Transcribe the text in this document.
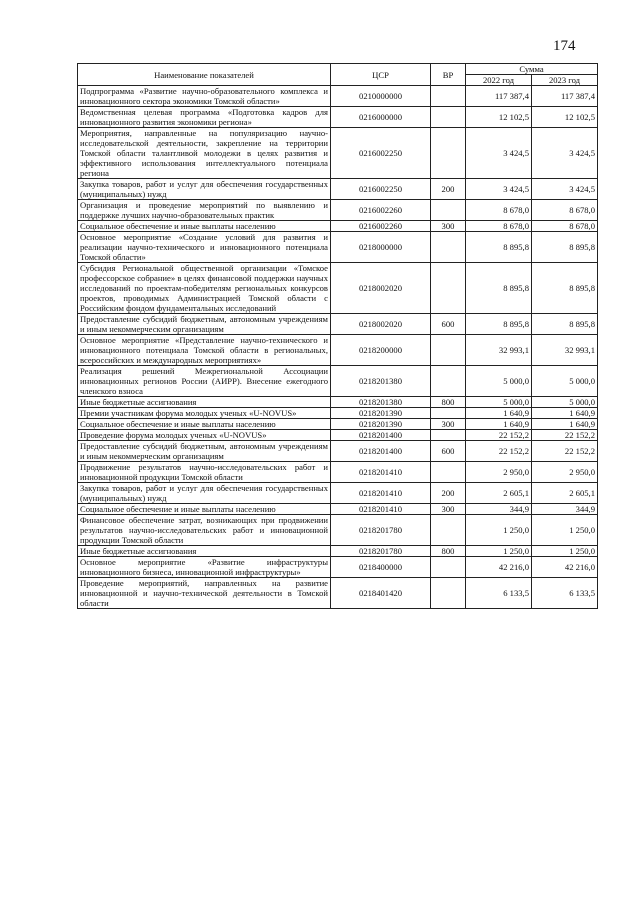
174
Наименование показателей	ЦСР	ВР	Сумма	
			2022 год	2023 год
Подпрограмма «Развитие научно-образовательного комплекса и инновационного сектора экономики Томской области»	0210000000		117 387,4	117 387,4
Ведомственная целевая программа «Подготовка кадров для инновационного развития экономики региона»	0216000000		12 102,5	12 102,5
Мероприятия, направленные на популяризацию научно-исследовательской деятельности, закрепление на территории Томской области талантливой молодежи в целях развития и эффективного использования интеллектуального потенциала региона	0216002250		3 424,5	3 424,5
Закупка товаров, работ и услуг для обеспечения государственных (муниципальных) нужд	0216002250	200	3 424,5	3 424,5
Организация и проведение мероприятий по выявлению и поддержке лучших научно-образовательных практик	0216002260		8 678,0	8 678,0
Социальное обеспечение и иные выплаты населению	0216002260	300	8 678,0	8 678,0
Основное мероприятие «Создание условий для развития и реализации научно-технического и инновационного потенциала Томской области»	0218000000		8 895,8	8 895,8
Субсидия Региональной общественной организации «Томское профессорское собрание» в целях финансовой поддержки научных исследований по проектам-победителям региональных конкурсов проектов, проводимых Администрацией Томской области с Российским фондом фундаментальных исследований	0218002020		8 895,8	8 895,8
Предоставление субсидий бюджетным, автономным учреждениям и иным некоммерческим организациям	0218002020	600	8 895,8	8 895,8
Основное мероприятие «Представление научно-технического и инновационного потенциала Томской области в региональных, всероссийских и международных мероприятиях»	0218200000		32 993,1	32 993,1
Реализация решений Межрегиональной Ассоциации инновационных регионов России (АИРР). Внесение ежегодного членского взноса	0218201380		5 000,0	5 000,0
Иные бюджетные ассигнования	0218201380	800	5 000,0	5 000,0
Премии участникам форума молодых ученых «U-NOVUS»	0218201390		1 640,9	1 640,9
Социальное обеспечение и иные выплаты населению	0218201390	300	1 640,9	1 640,9
Проведение форума молодых ученых «U-NOVUS»	0218201400		22 152,2	22 152,2
Предоставление субсидий бюджетным, автономным учреждениям и иным некоммерческим организациям	0218201400	600	22 152,2	22 152,2
Продвижение результатов научно-исследовательских работ и инновационной продукции Томской области	0218201410		2 950,0	2 950,0
Закупка товаров, работ и услуг для обеспечения государственных (муниципальных) нужд	0218201410	200	2 605,1	2 605,1
Социальное обеспечение и иные выплаты населению	0218201410	300	344,9	344,9
Финансовое обеспечение затрат, возникающих при продвижении результатов научно-исследовательских работ и инновационной продукции Томской области	0218201780		1 250,0	1 250,0
Иные бюджетные ассигнования	0218201780	800	1 250,0	1 250,0
Основное мероприятие «Развитие инфраструктуры инновационного бизнеса, инновационной инфраструктуры»	0218400000		42 216,0	42 216,0
Проведение мероприятий, направленных на развитие инновационной и научно-технической деятельности в Томской области	0218401420		6 133,5	6 133,5
